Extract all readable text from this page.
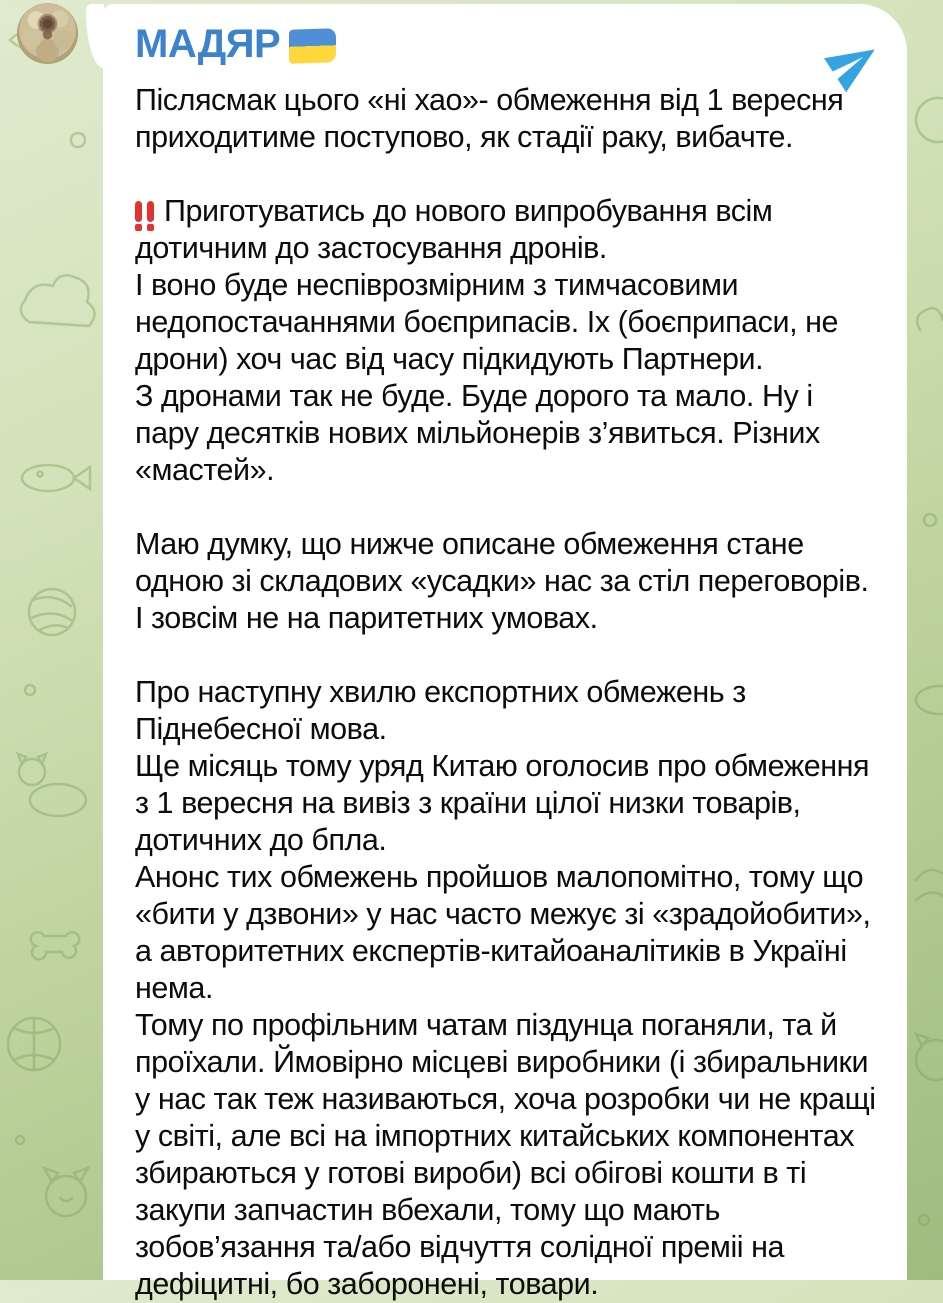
МАДЯР
Післясмак цього «ні хао»- обмеження від 1 вересня приходитиме поступово, як стадії раку, вибачте.
Приготуватись до нового випробування всім дотичним до застосування дронів.
І воно буде неспіврозмірним з тимчасовими недопостачаннями боєприпасів. Іх (боєприпаси, не дрони) хоч час від часу підкидують Партнери.
З дронами так не буде. Буде дорого та мало. Ну і пару десятків нових мільйонерів з’явиться. Різних «мастей».
Маю думку, що нижче описане обмеження стане одною зі складових «усадки» нас за стіл переговорів.
І зовсім не на паритетних умовах.
Про наступну хвилю експортних обмежень з Піднебесної мова.
Ще місяць тому уряд Китаю оголосив про обмеження з 1 вересня на вивіз з країни цілої низки товарів, дотичних до бпла.
Анонс тих обмежень пройшов малопомітно, тому що «бити у дзвони» у нас часто межує зі «зрадойобити», а авторитетних експертів-китайоаналітиків в Україні нема.
Тому по профільним чатам піздунца поганяли, та й проїхали. Ймовірно місцеві виробники (і збиральники у нас так теж називаються, хоча розробки чи не кращі у світі, але всі на імпортних китайських компонентах збираються у готові вироби) всі обігові кошти в ті закупи запчастин вбехали, тому що мають зобов’язання та/або відчуття солідної преміі на дефіцитні, бо заборонені, товари.
